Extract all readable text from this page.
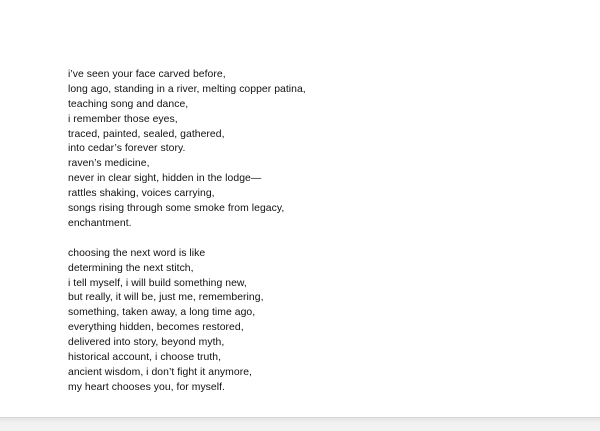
i’ve seen your face carved before,
long ago, standing in a river, melting copper patina,
teaching song and dance,
i remember those eyes,
traced, painted, sealed, gathered,
into cedar’s forever story.
raven’s medicine,
never in clear sight, hidden in the lodge—
rattles shaking, voices carrying,
songs rising through some smoke from legacy,
enchantment.

choosing the next word is like
determining the next stitch,
i tell myself, i will build something new,
but really, it will be, just me, remembering,
something, taken away, a long time ago,
everything hidden, becomes restored,
delivered into story, beyond myth,
historical account, i choose truth,
ancient wisdom, i don’t fight it anymore,
my heart chooses you, for myself.
